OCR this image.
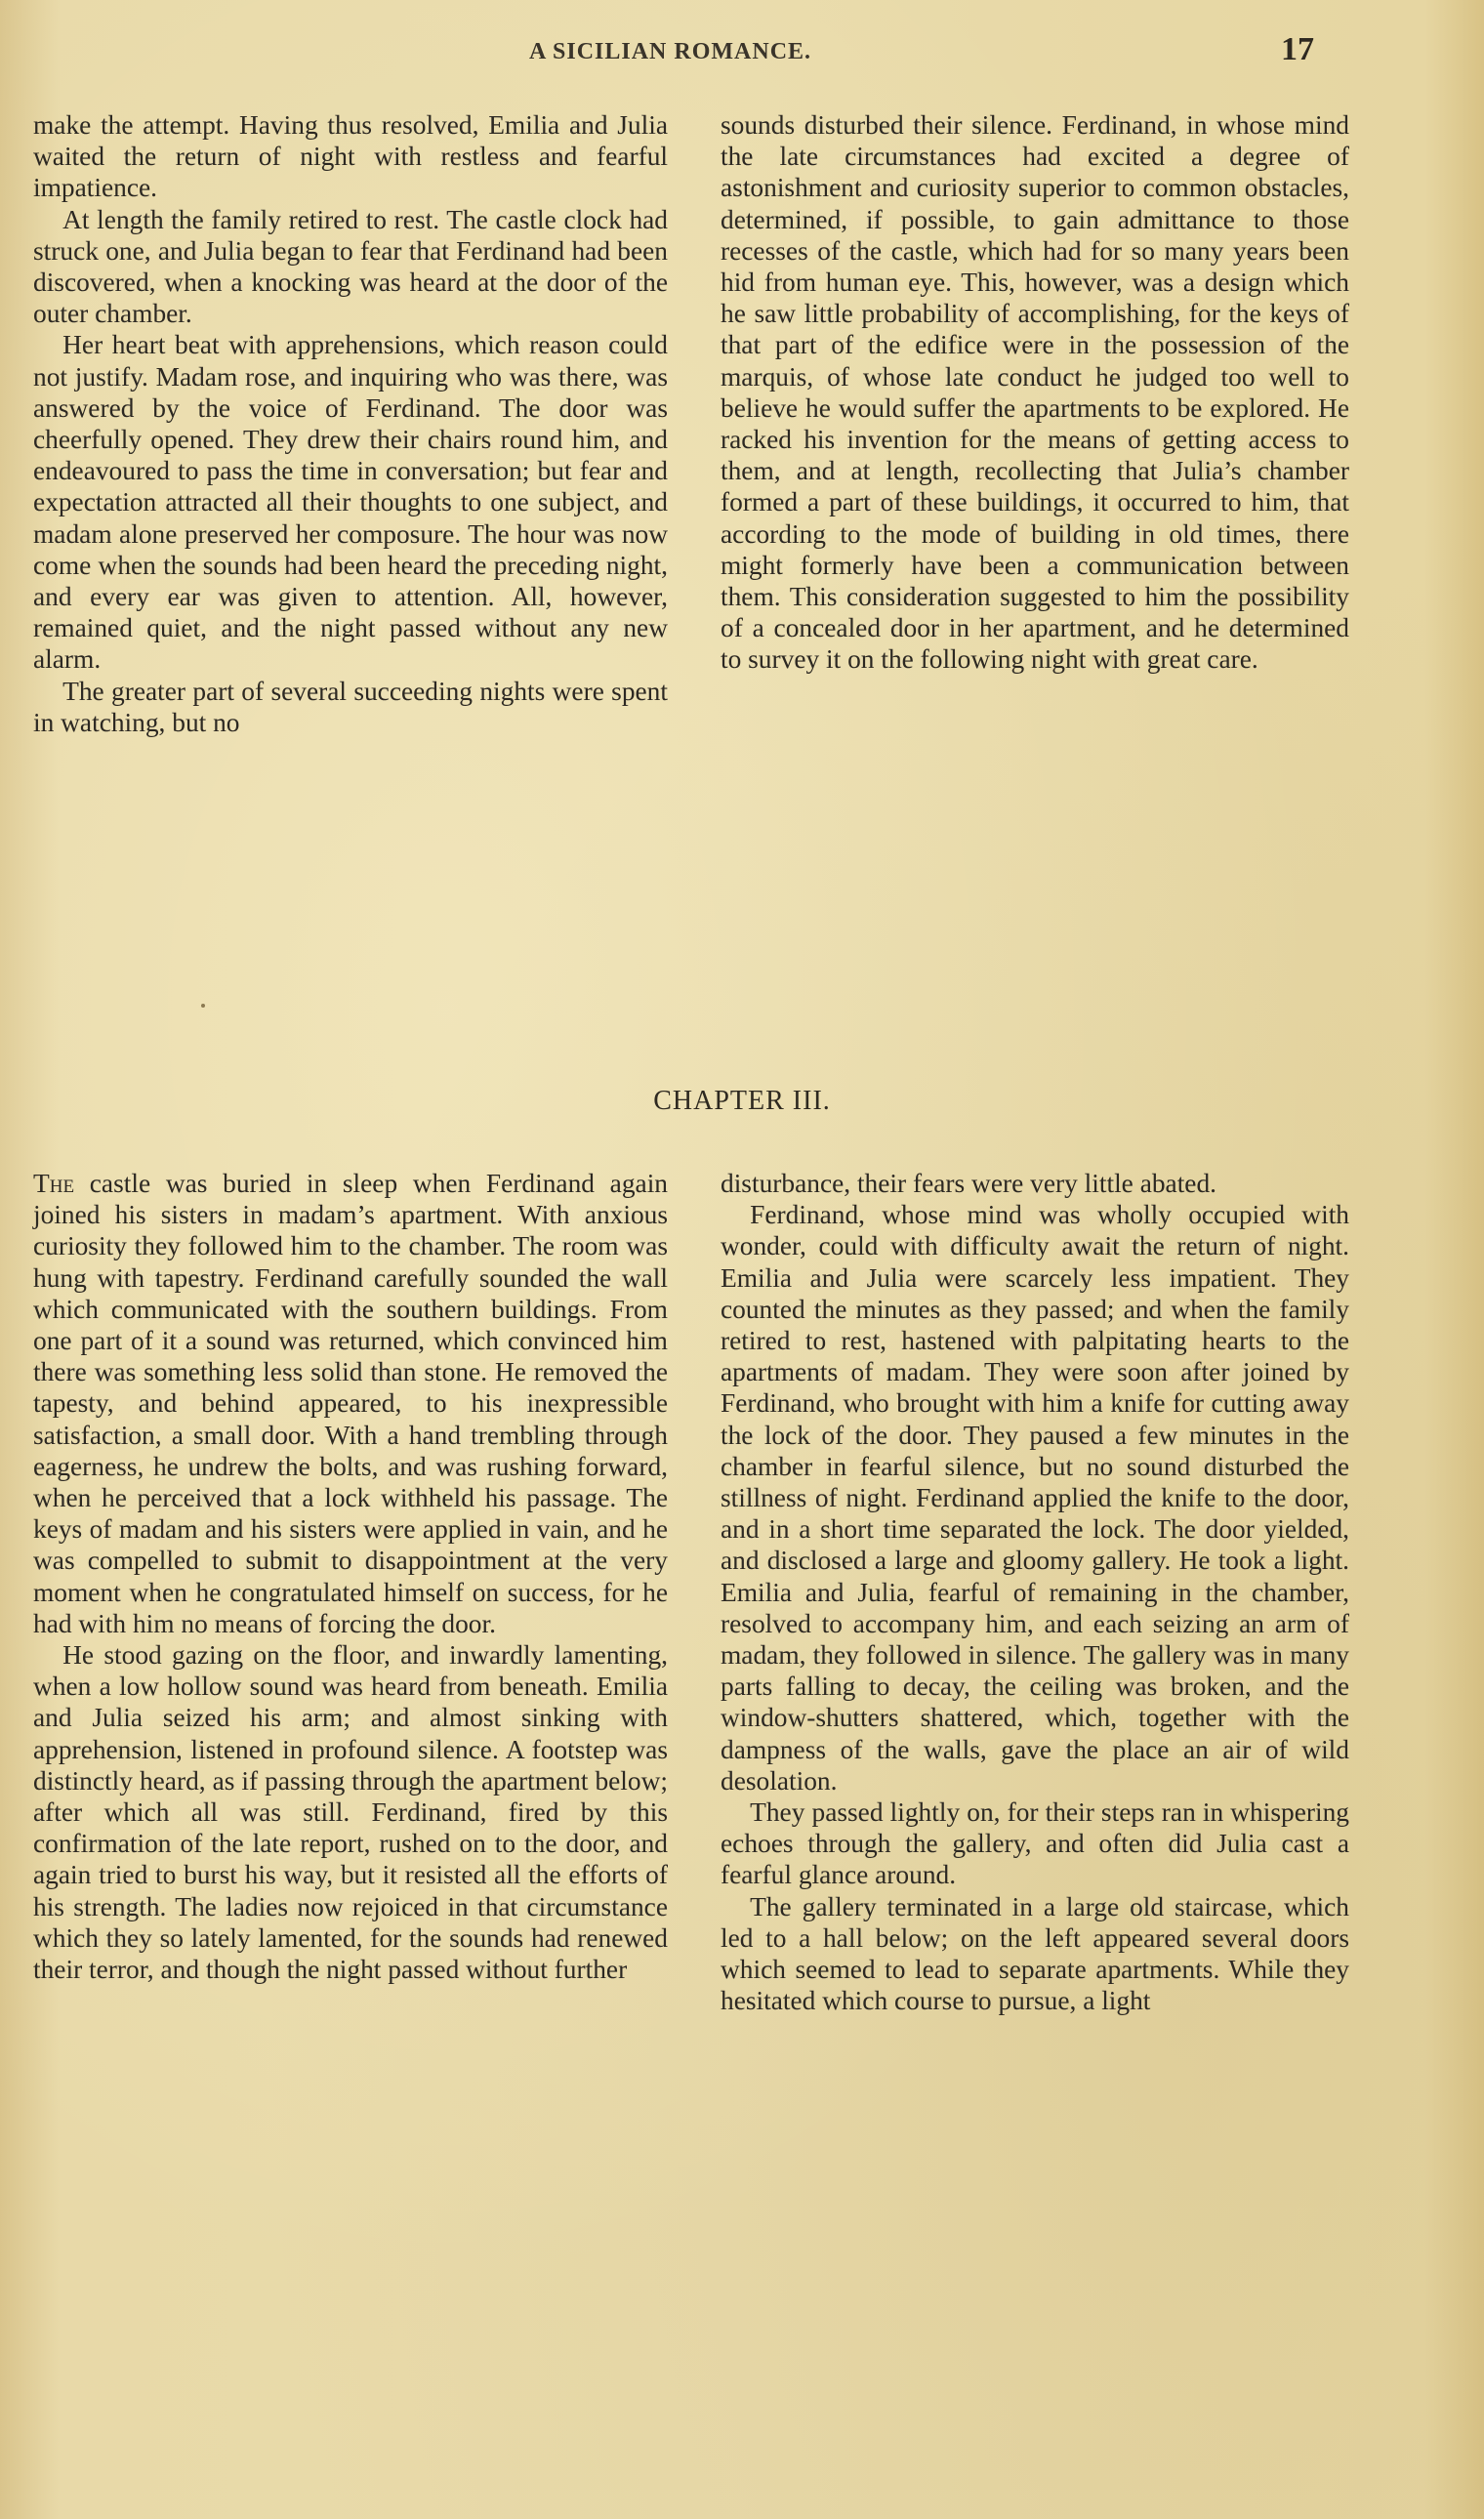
A SICILIAN ROMANCE.	17

make the attempt. Having thus resolved, Emilia and Julia waited the return of night with restless and fearful impatience.

At length the family retired to rest. The castle clock had struck one, and Julia began to fear that Ferdinand had been discovered, when a knocking was heard at the door of the outer chamber.

Her heart beat with apprehensions, which reason could not justify. Madam rose, and inquiring who was there, was answered by the voice of Ferdinand. The door was cheerfully opened. They drew their chairs round him, and endeavoured to pass the time in conversation; but fear and expectation attracted all their thoughts to one subject, and madam alone preserved her composure. The hour was now come when the sounds had been heard the preceding night, and every ear was given to attention. All, however, remained quiet, and the night passed without any new alarm.

The greater part of several succeeding nights were spent in watching, but no

sounds disturbed their silence. Ferdinand, in whose mind the late circumstances had excited a degree of astonishment and curiosity superior to common obstacles, determined, if possible, to gain admittance to those recesses of the castle, which had for so many years been hid from human eye. This, however, was a design which he saw little probability of accomplishing, for the keys of that part of the edifice were in the possession of the marquis, of whose late conduct he judged too well to believe he would suffer the apartments to be explored. He racked his invention for the means of getting access to them, and at length, recollecting that Julia’s chamber formed a part of these buildings, it occurred to him, that according to the mode of building in old times, there might formerly have been a communication between them. This consideration suggested to him the possibility of a concealed door in her apartment, and he determined to survey it on the following night with great care.

CHAPTER III.

The castle was buried in sleep when Ferdinand again joined his sisters in madam’s apartment. With anxious curiosity they followed him to the chamber. The room was hung with tapestry. Ferdinand carefully sounded the wall which communicated with the southern buildings. From one part of it a sound was returned, which convinced him there was something less solid than stone. He removed the tapesty, and behind appeared, to his inexpressible satisfaction, a small door. With a hand trembling through eagerness, he undrew the bolts, and was rushing forward, when he perceived that a lock withheld his passage. The keys of madam and his sisters were applied in vain, and he was compelled to submit to disappointment at the very moment when he congratulated himself on success, for he had with him no means of forcing the door.

He stood gazing on the floor, and inwardly lamenting, when a low hollow sound was heard from beneath. Emilia and Julia seized his arm; and almost sinking with apprehension, listened in profound silence. A footstep was distinctly heard, as if passing through the apartment below; after which all was still. Ferdinand, fired by this confirmation of the late report, rushed on to the door, and again tried to burst his way, but it resisted all the efforts of his strength. The ladies now rejoiced in that circumstance which they so lately lamented, for the sounds had renewed their terror, and though the night passed without further

disturbance, their fears were very little abated.

Ferdinand, whose mind was wholly occupied with wonder, could with difficulty await the return of night. Emilia and Julia were scarcely less impatient. They counted the minutes as they passed; and when the family retired to rest, hastened with palpitating hearts to the apartments of madam. They were soon after joined by Ferdinand, who brought with him a knife for cutting away the lock of the door. They paused a few minutes in the chamber in fearful silence, but no sound disturbed the stillness of night. Ferdinand applied the knife to the door, and in a short time separated the lock. The door yielded, and disclosed a large and gloomy gallery. He took a light. Emilia and Julia, fearful of remaining in the chamber, resolved to accompany him, and each seizing an arm of madam, they followed in silence. The gallery was in many parts falling to decay, the ceiling was broken, and the window-shutters shattered, which, together with the dampness of the walls, gave the place an air of wild desolation.

They passed lightly on, for their steps ran in whispering echoes through the gallery, and often did Julia cast a fearful glance around.

The gallery terminated in a large old staircase, which led to a hall below; on the left appeared several doors which seemed to lead to separate apartments. While they hesitated which course to pursue, a light
